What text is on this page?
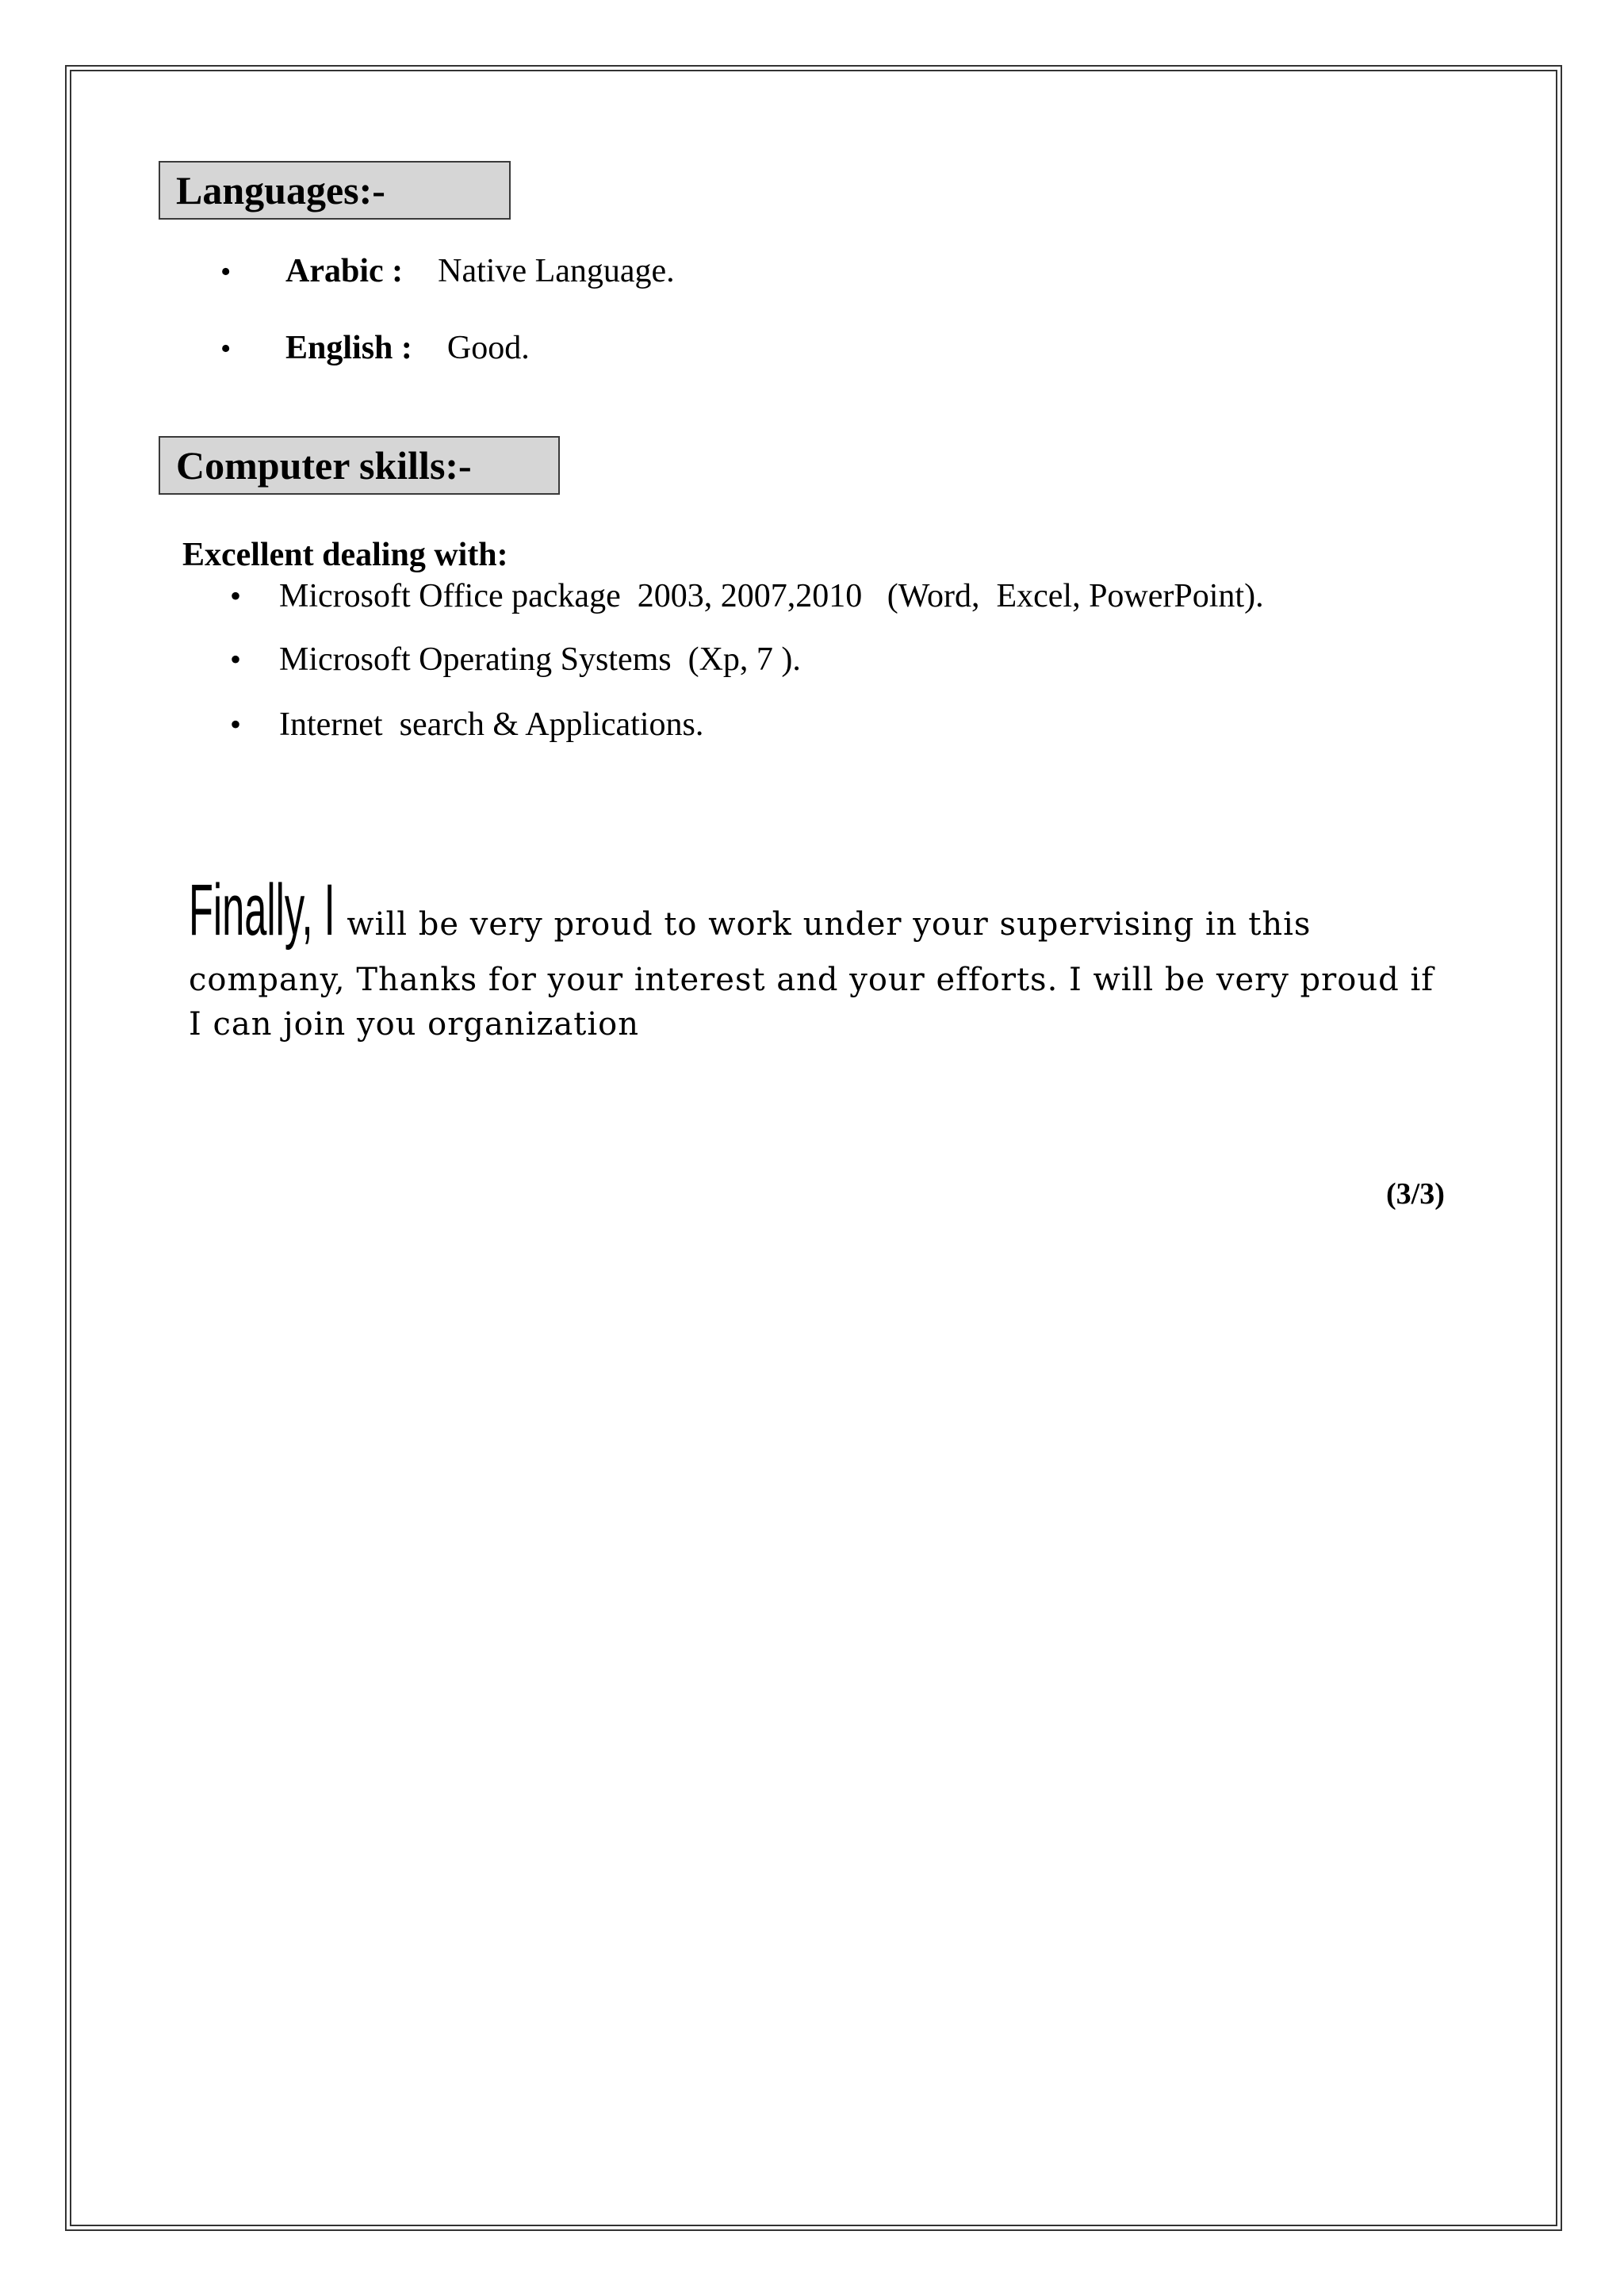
Languages:-
•	Arabic : Native Language.
•	English : Good.
Computer skills:-
Excellent dealing with:
•	Microsoft Office package  2003, 2007,2010   (Word,  Excel, PowerPoint).
•	Microsoft Operating Systems  (Xp, 7 ).
•	Internet  search & Applications.
Finally, I will be very proud to work under your supervising in this
company, Thanks for your interest and your efforts. I will be very proud if
I can join you organization
(3/3)
